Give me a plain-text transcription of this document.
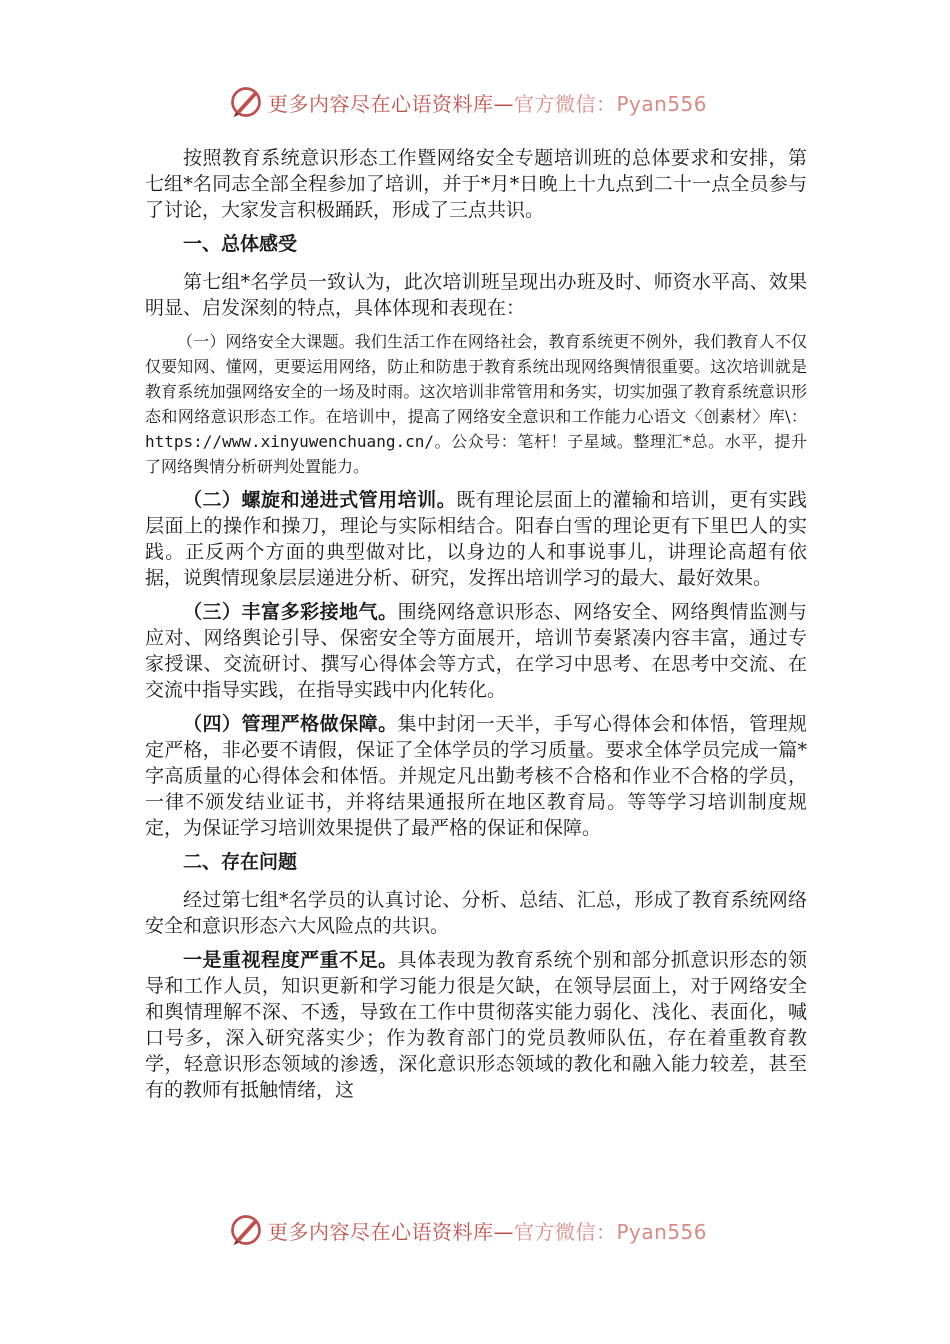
更多内容尽在心语资料库—官方微信：Pyan556

按照教育系统意识形态工作暨网络安全专题培训班的总体要求和安排，第七组*名同志全部全程参加了培训，并于*月*日晚上十九点到二十一点全员参与了讨论，大家发言积极踊跃，形成了三点共识。

一、总体感受

第七组*名学员一致认为，此次培训班呈现出办班及时、师资水平高、效果明显、启发深刻的特点，具体体现和表现在：

（一）网络安全大课题。我们生活工作在网络社会，教育系统更不例外，我们教育人不仅仅要知网、懂网，更要运用网络，防止和防患于教育系统出现网络舆情很重要。这次培训就是教育系统加强网络安全的一场及时雨。这次培训非常管用和务实，切实加强了教育系统意识形态和网络意识形态工作。在培训中，提高了网络安全意识和工作能力心语文〈创素材〉库\：https://www.xinyuwenchuang.cn/。公众号：笔杆！子星域。整理汇*总。水平，提升了网络舆情分析研判处置能力。

（二）螺旋和递进式管用培训。既有理论层面上的灌输和培训，更有实践层面上的操作和操刀，理论与实际相结合。阳春白雪的理论更有下里巴人的实践。正反两个方面的典型做对比，以身边的人和事说事儿，讲理论高超有依据，说舆情现象层层递进分析、研究，发挥出培训学习的最大、最好效果。

（三）丰富多彩接地气。围绕网络意识形态、网络安全、网络舆情监测与应对、网络舆论引导、保密安全等方面展开，培训节奏紧凑内容丰富，通过专家授课、交流研讨、撰写心得体会等方式，在学习中思考、在思考中交流、在交流中指导实践，在指导实践中内化转化。

（四）管理严格做保障。集中封闭一天半，手写心得体会和体悟，管理规定严格，非必要不请假，保证了全体学员的学习质量。要求全体学员完成一篇*字高质量的心得体会和体悟。并规定凡出勤考核不合格和作业不合格的学员，一律不颁发结业证书，并将结果通报所在地区教育局。等等学习培训制度规定，为保证学习培训效果提供了最严格的保证和保障。

二、存在问题

经过第七组*名学员的认真讨论、分析、总结、汇总，形成了教育系统网络安全和意识形态六大风险点的共识。

一是重视程度严重不足。具体表现为教育系统个别和部分抓意识形态的领导和工作人员，知识更新和学习能力很是欠缺，在领导层面上，对于网络安全和舆情理解不深、不透，导致在工作中贯彻落实能力弱化、浅化、表面化，喊口号多，深入研究落实少；作为教育部门的党员教师队伍，存在着重教育教学，轻意识形态领域的渗透，深化意识形态领域的教化和融入能力较差，甚至有的教师有抵触情绪，这

更多内容尽在心语资料库—官方微信：Pyan556
